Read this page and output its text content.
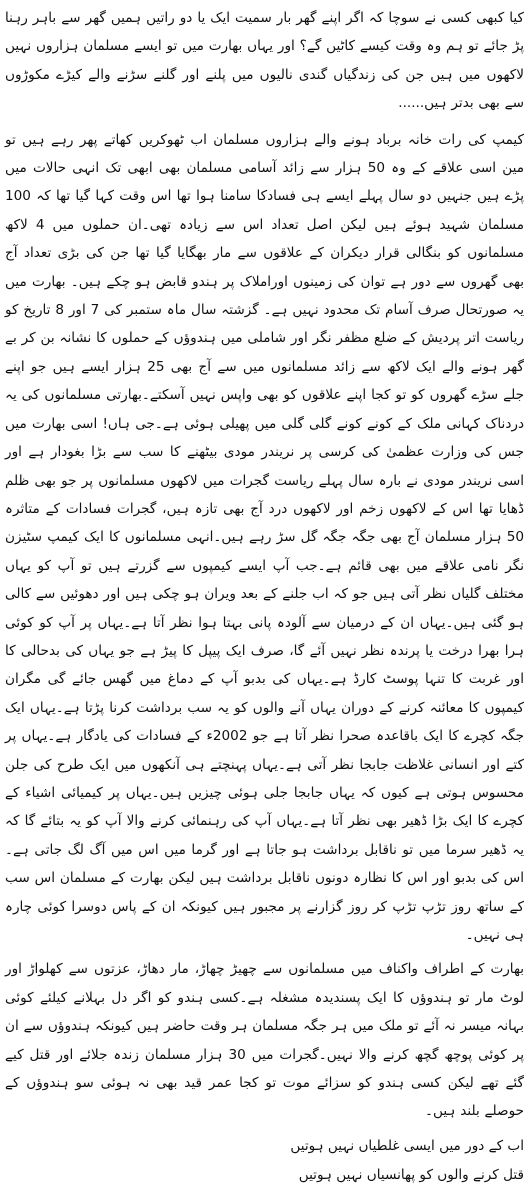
کیا کبھی کسی نے سوچا کہ اگر اپنے گھر بار سمیت ایک یا دو راتیں ہمیں گھر سے باہر رہنا پڑ جائے تو ہم وہ وقت کیسے کاٹیں گے؟ اور یہاں بھارت میں تو ایسے مسلمان ہزاروں نہیں لاکھوں میں ہیں جن کی زندگیاں گندی نالیوں میں پلنے اور گلنے سڑنے والے کیڑے مکوڑوں سے بھی بدتر ہیں......

کیمپ کی رات خانہ برباد ہونے والے ہزاروں مسلمان اب ٹھوکریں کھاتے پھر رہے ہیں تو مین اسی علاقے کے وہ 50 ہزار سے زائد آسامی مسلمان بھی ابھی تک انہی حالات میں پڑے ہیں جنہیں دو سال پہلے ایسے ہی فسادکا سامنا ہوا تھا اس وقت کہا گیا تھا کہ 100 مسلمان شہید ہوئے ہیں لیکن اصل تعداد اس سے زیادہ تھی۔ان حملوں میں 4 لاکھ مسلمانوں کو بنگالی قرار دیکران کے علاقوں سے مار بھگایا گیا تھا جن کی بڑی تعداد آج بھی گھروں سے دور ہے توان کی زمینوں اوراملاک پر ہندو قابض ہو چکے ہیں۔ بھارت میں یہ صورتحال صرف آسام تک محدود نہیں ہے۔ گزشتہ سال ماہ ستمبر کی 7 اور 8 تاریخ کو ریاست اتر پردیش کے ضلع مظفر نگر اور شاملی میں ہندوؤں کے حملوں کا نشانہ بن کر بے گھر ہونے والے ایک لاکھ سے زائد مسلمانوں میں سے آج بھی 25 ہزار ایسے ہیں جو اپنے جلے سڑے گھروں کو تو کجا اپنے علاقوں کو بھی واپس نہیں آسکتے۔بھارتی مسلمانوں کی یہ دردناک کہانی ملک کے کونے کونے گلی گلی میں پھیلی ہوئی ہے۔جی ہاں! اسی بھارت میں جس کی وزارت عظمیٰ کی کرسی پر نریندر مودی بیٹھنے کا سب سے بڑا بغودار ہے اور اسی نریندر مودی نے بارہ سال پہلے ریاست گجرات میں لاکھوں مسلمانوں پر جو بھی ظلم ڈھایا تھا اس کے لاکھوں زخم اور لاکھوں درد آج بھی تازہ ہیں، گجرات فسادات کے متاثرہ 50 ہزار مسلمان آج بھی جگہ جگہ گل سڑ رہے ہیں۔انہی مسلمانوں کا ایک کیمپ سٹیزن نگر نامی علاقے میں بھی قائم ہے۔جب آپ ایسے کیمپوں سے گزرتے ہیں تو آپ کو یہاں مختلف گلیاں نظر آتی ہیں جو کہ اب جلنے کے بعد ویران ہو چکی ہیں اور دھوئیں سے کالی ہو گئی ہیں۔یہاں ان کے درمیان سے آلودہ پانی بہتا ہوا نظر آتا ہے۔یہاں پر آپ کو کوئی ہرا بھرا درخت یا پرندہ نظر نہیں آئے گا، صرف ایک پیپل کا پیڑ ہے جو یہاں کی بدحالی کا اور غربت کا تنہا پوسٹ کارڈ ہے۔یہاں کی بدبو آپ کے دماغ میں گھس جائے گی مگران کیمپوں کا معائنہ کرنے کے دوران یہاں آنے والوں کو یہ سب برداشت کرنا پڑتا ہے۔یہاں ایک جگہ کچرے کا ایک باقاعدہ صحرا نظر آتا ہے جو 2002ء کے فسادات کی یادگار ہے۔یہاں پر کتے اور انسانی غلاظت جابجا نظر آتی ہے۔یہاں پہنچتے ہی آنکھوں میں ایک طرح کی جلن محسوس ہوتی ہے کیوں کہ یہاں جابجا جلی ہوئی چیزیں ہیں۔یہاں پر کیمیائی اشیاء کے کچرے کا ایک بڑا ڈھیر بھی نظر آتا ہے۔یہاں آپ کی رہنمائی کرنے والا آپ کو یہ بتائے گا کہ یہ ڈھیر سرما میں تو ناقابل برداشت ہو جاتا ہے اور گرما میں اس میں آگ لگ جاتی ہے۔اس کی بدبو اور اس کا نظارہ دونوں ناقابل برداشت ہیں لیکن بھارت کے مسلمان اس سب کے ساتھ روز تڑپ تڑپ کر روز گزارنے پر مجبور ہیں کیونکہ ان کے پاس دوسرا کوئی چارہ ہی نہیں۔

بھارت کے اطراف واکناف میں مسلمانوں سے چھیڑ چھاڑ، مار دھاڑ، عزتوں سے کھلواڑ اور لوٹ مار تو ہندوؤں کا ایک پسندیدہ مشغلہ ہے۔کسی ہندو کو اگر دل بہلانے کیلئے کوئی بہانہ میسر نہ آئے تو ملک میں ہر جگہ مسلمان ہر وقت حاضر ہیں کیونکہ ہندوؤں سے ان پر کوئی پوچھ گچھ کرنے والا نہیں۔گجرات میں 30 ہزار مسلمان زندہ جلائے اور قتل کیے گئے تھے لیکن کسی ہندو کو سزائے موت تو کجا عمر قید بھی نہ ہوئی سو ہندوؤں کے حوصلے بلند ہیں۔

اب کے دور میں ایسی غلطیاں نہیں ہوتیں
قتل کرنے والوں کو پھانسیاں نہیں ہوتیں
